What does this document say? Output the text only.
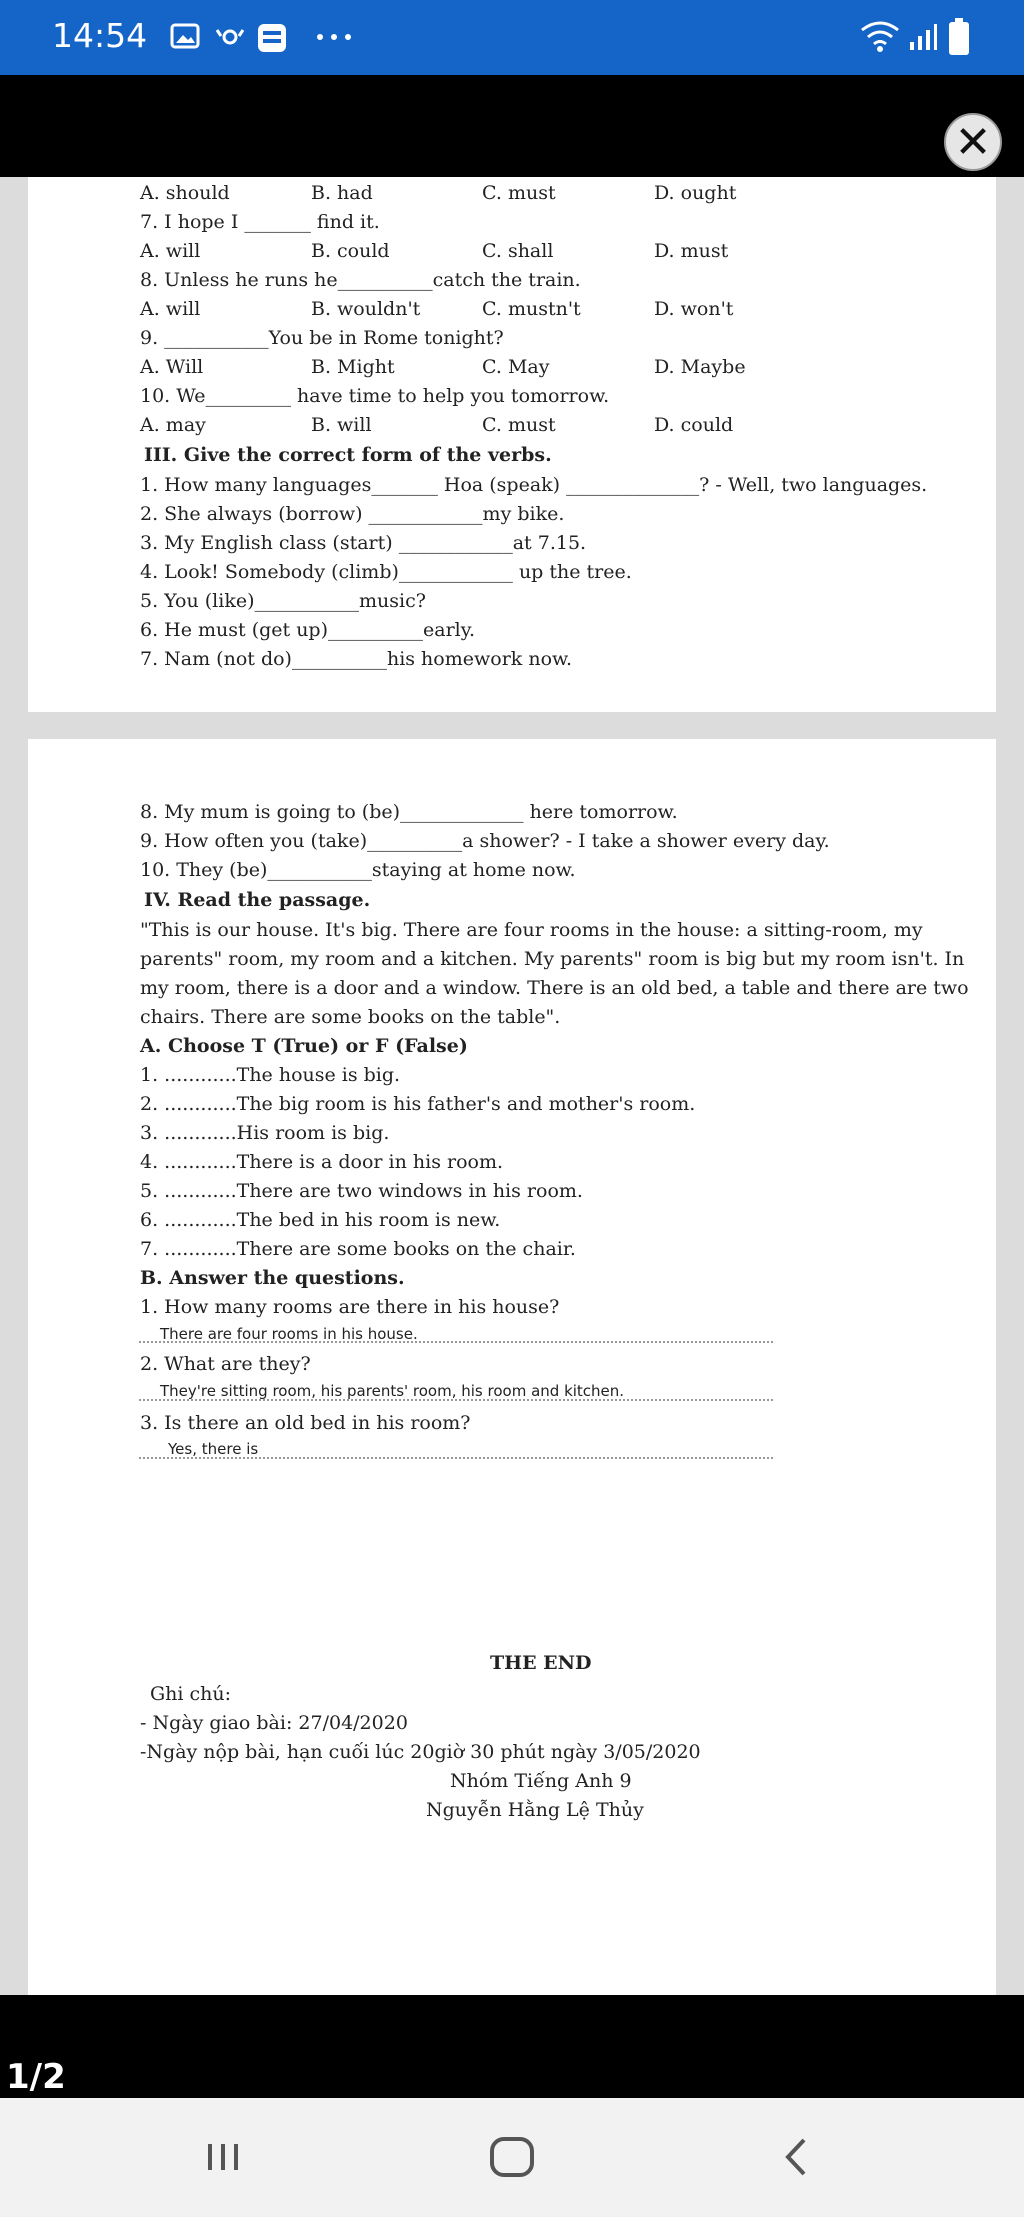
14:54
✕
A. should	B. had	C. must	D. ought
7. I hope I _______ find it.
A. will	B. could	C. shall	D. must
8. Unless he runs he__________catch the train.
A. will	B. wouldn't	C. mustn't	D. won't
9. ___________You be in Rome tonight?
A. Will	B. Might	C. May	D. Maybe
10. We_________ have time to help you tomorrow.
A. may	B. will	C. must	D. could
III. Give the correct form of the verbs.
1. How many languages_______ Hoa (speak) ______________? - Well, two languages.
2. She always (borrow) ____________my bike.
3. My English class (start) ____________at 7.15.
4. Look! Somebody (climb)____________ up the tree.
5. You (like)___________music?
6. He must (get up)__________early.
7. Nam (not do)__________his homework now.
8. My mum is going to (be)_____________ here tomorrow.
9. How often you (take)__________a shower? - I take a shower every day.
10. They (be)___________staying at home now.
IV. Read the passage.
"This is our house. It's big. There are four rooms in the house: a sitting-room, my
parents" room, my room and a kitchen. My parents" room is big but my room isn't. In
my room, there is a door and a window. There is an old bed, a table and there are two
chairs. There are some books on the table".
A. Choose T (True) or F (False)
1. ............The house is big.
2. ............The big room is his father's and mother's room.
3. ............His room is big.
4. ............There is a door in his room.
5. ............There are two windows in his room.
6. ............The bed in his room is new.
7. ............There are some books on the chair.
B. Answer the questions.
1. How many rooms are there in his house?
There are four rooms in his house.
2. What are they?
They're sitting room, his parents' room, his room and kitchen.
3. Is there an old bed in his room?
Yes, there is
THE END
Ghi chú:
- Ngày giao bài: 27/04/2020
-Ngày nộp bài, hạn cuối lúc 20giờ 30 phút ngày 3/05/2020
Nhóm Tiếng Anh 9
Nguyễn Hằng Lệ Thủy
1/2
